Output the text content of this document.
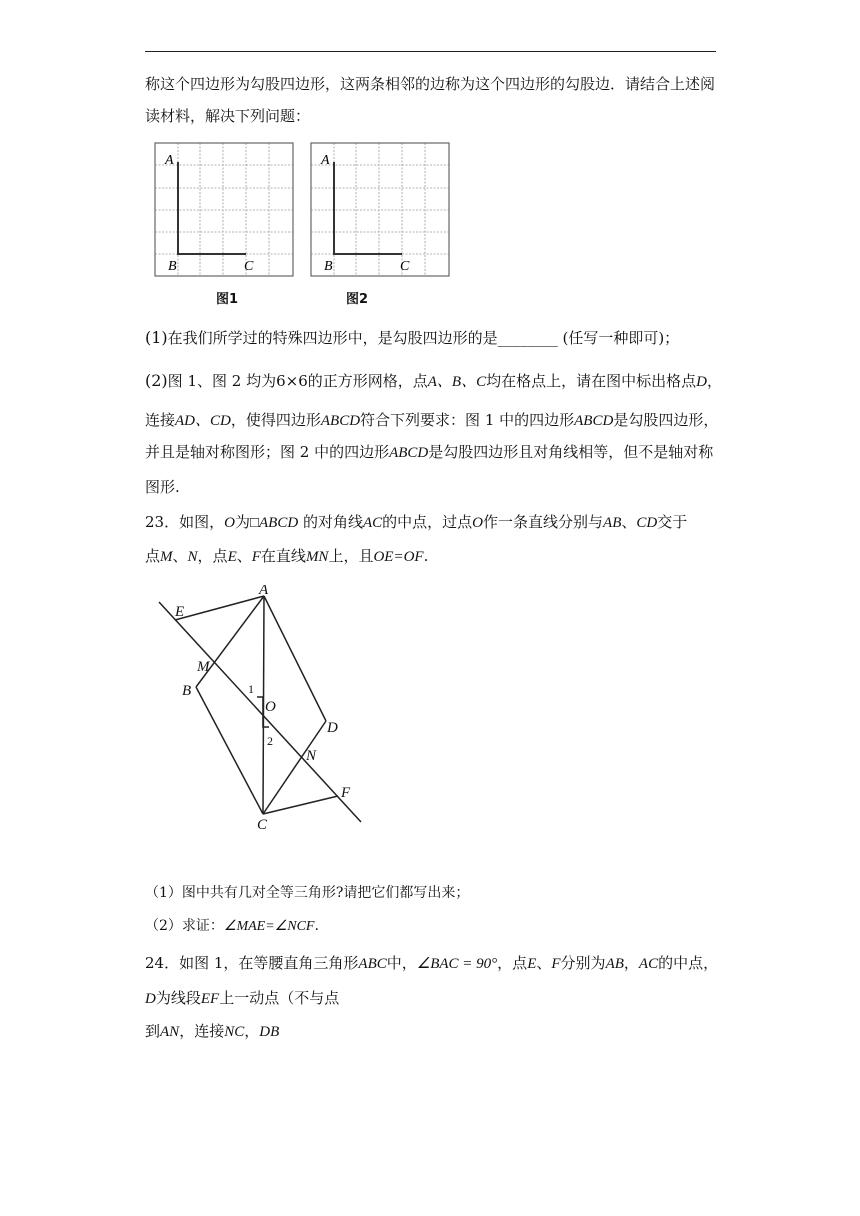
称这个四边形为勾股四边形，这两条相邻的边称为这个四边形的勾股边．请结合上述阅
读材料，解决下列问题：
A
B	C
图1
A
B	C
图2
(1)在我们所学过的特殊四边形中，是勾股四边形的是________ (任写一种即可)；
(2)图 1、图 2 均为6×6的正方形网格，点A、B、C均在格点上，请在图中标出格点D，
连接AD、CD，使得四边形ABCD符合下列要求：图 1 中的四边形ABCD是勾股四边形，
并且是轴对称图形；图 2 中的四边形ABCD是勾股四边形且对角线相等，但不是轴对称
图形.
23．如图，O为□ABCD 的对角线AC的中点，过点O作一条直线分别与AB、CD交于
点M、N，点E、F在直线MN上，且OE=OF.
A
E
M
B
O
D
N
F
C
1
2
（1）图中共有几对全等三角形?请把它们都写出来；
（2）求证：∠MAE=∠NCF.
24．如图 1，在等腰直角三角形ABC中，∠BAC = 90°，点E、F分别为AB，AC的中点，
D为线段EF上一动点（不与点
到AN，连接NC，DB
